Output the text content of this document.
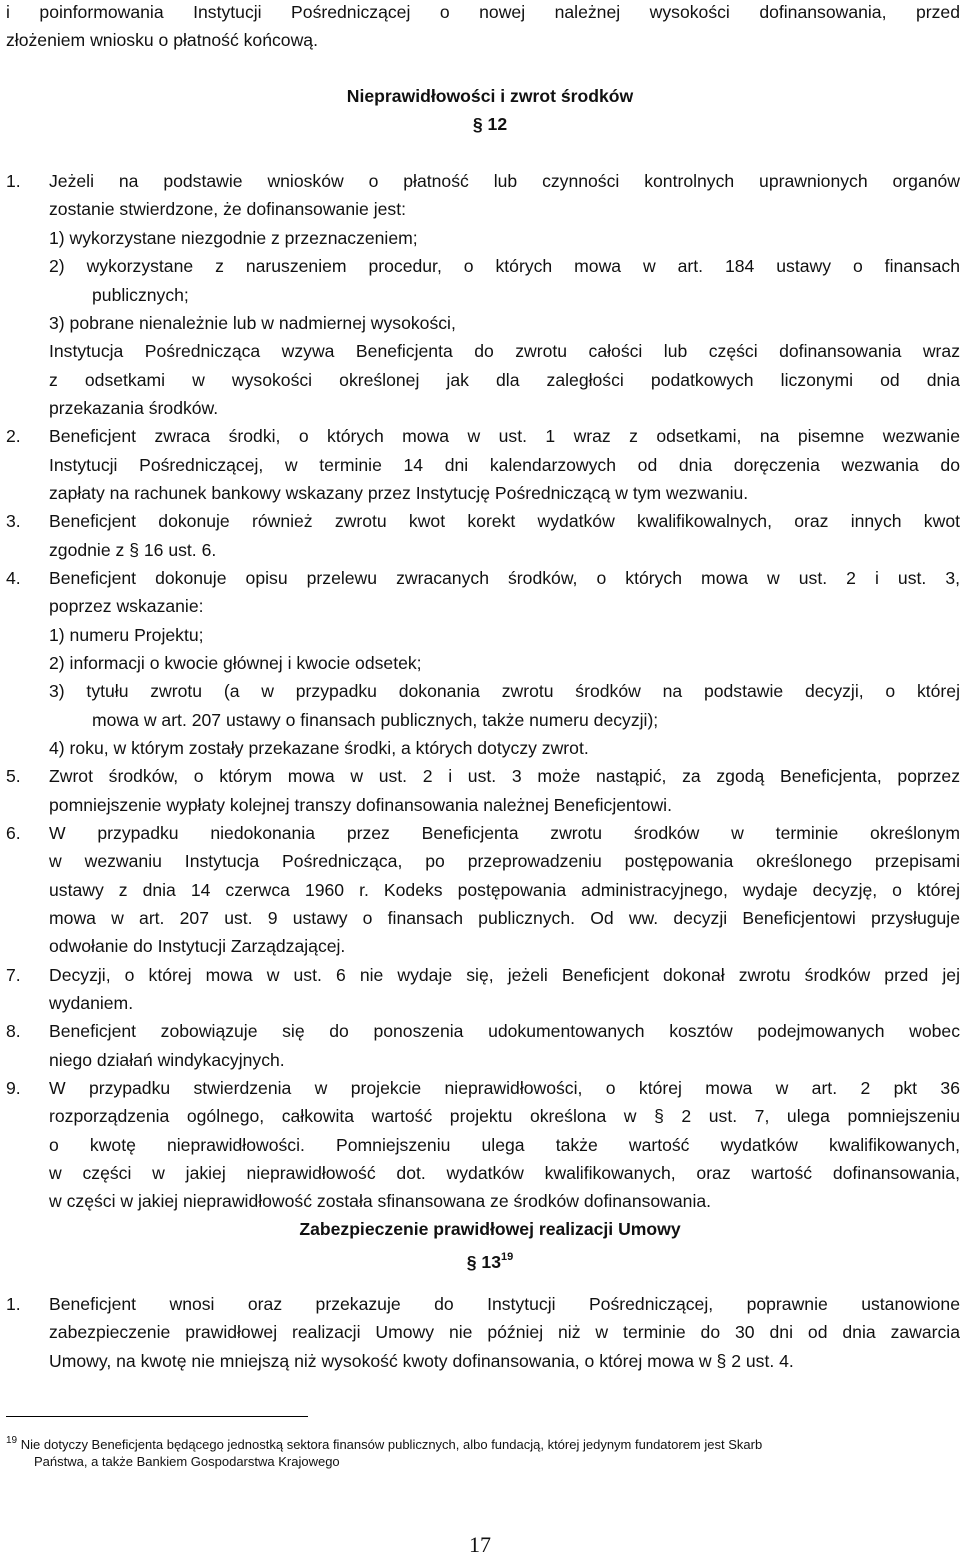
i poinformowania Instytucji Pośredniczącej o nowej należnej wysokości dofinansowania, przed
złożeniem wniosku o płatność końcową.
Nieprawidłowości i zwrot środków
§ 12
1. Jeżeli na podstawie wniosków o płatność lub czynności kontrolnych uprawnionych organów
zostanie stwierdzone, że dofinansowanie jest:
1) wykorzystane niezgodnie z przeznaczeniem;
2) wykorzystane z naruszeniem procedur, o których mowa w art. 184 ustawy o finansach
publicznych;
3) pobrane nienależnie lub w nadmiernej wysokości,
Instytucja Pośrednicząca wzywa Beneficjenta do zwrotu całości lub części dofinansowania wraz
z odsetkami w wysokości określonej jak dla zaległości podatkowych liczonymi od dnia
przekazania środków.
2. Beneficjent zwraca środki, o których mowa w ust. 1 wraz z odsetkami, na pisemne wezwanie
Instytucji Pośredniczącej, w terminie 14 dni kalendarzowych od dnia doręczenia wezwania do
zapłaty na rachunek bankowy wskazany przez Instytucję Pośredniczącą w tym wezwaniu.
3. Beneficjent dokonuje również zwrotu kwot korekt wydatków kwalifikowalnych, oraz innych kwot
zgodnie z § 16 ust. 6.
4. Beneficjent dokonuje opisu przelewu zwracanych środków, o których mowa w ust. 2 i ust. 3,
poprzez wskazanie:
1) numeru Projektu;
2) informacji o kwocie głównej i kwocie odsetek;
3) tytułu zwrotu (a w przypadku dokonania zwrotu środków na podstawie decyzji, o której
mowa w art. 207 ustawy o finansach publicznych, także numeru decyzji);
4) roku, w którym zostały przekazane środki, a których dotyczy zwrot.
5. Zwrot środków, o którym mowa w ust. 2 i ust. 3 może nastąpić, za zgodą Beneficjenta, poprzez
pomniejszenie wypłaty kolejnej transzy dofinansowania należnej Beneficjentowi.
6. W przypadku niedokonania przez Beneficjenta zwrotu środków w terminie określonym
w wezwaniu Instytucja Pośrednicząca, po przeprowadzeniu postępowania określonego przepisami
ustawy z dnia 14 czerwca 1960 r. Kodeks postępowania administracyjnego, wydaje decyzję, o której
mowa w art. 207 ust. 9 ustawy o finansach publicznych. Od ww. decyzji Beneficjentowi przysługuje
odwołanie do Instytucji Zarządzającej.
7. Decyzji, o której mowa w ust. 6 nie wydaje się, jeżeli Beneficjent dokonał zwrotu środków przed jej
wydaniem.
8. Beneficjent zobowiązuje się do ponoszenia udokumentowanych kosztów podejmowanych wobec
niego działań windykacyjnych.
9. W przypadku stwierdzenia w projekcie nieprawidłowości, o której mowa w art. 2 pkt 36
rozporządzenia ogólnego, całkowita wartość projektu określona w § 2 ust. 7, ulega pomniejszeniu
o kwotę nieprawidłowości. Pomniejszeniu ulega także wartość wydatków kwalifikowanych,
w części w jakiej nieprawidłowość dot. wydatków kwalifikowanych, oraz wartość dofinansowania,
w części w jakiej nieprawidłowość została sfinansowana ze środków dofinansowania.
Zabezpieczenie prawidłowej realizacji Umowy
§ $13^{19}$
1. Beneficjent wnosi oraz przekazuje do Instytucji Pośredniczącej, poprawnie ustanowione
zabezpieczenie prawidłowej realizacji Umowy nie później niż w terminie do 30 dni od dnia zawarcia
Umowy, na kwotę nie mniejszą niż wysokość kwoty dofinansowania, o której mowa w § 2 ust. 4.
$^{19}$ Nie dotyczy Beneficjenta będącego jednostką sektora finansów publicznych, albo fundacją, której jedynym fundatorem jest Skarb
Państwa, a także Bankiem Gospodarstwa Krajowego
17
